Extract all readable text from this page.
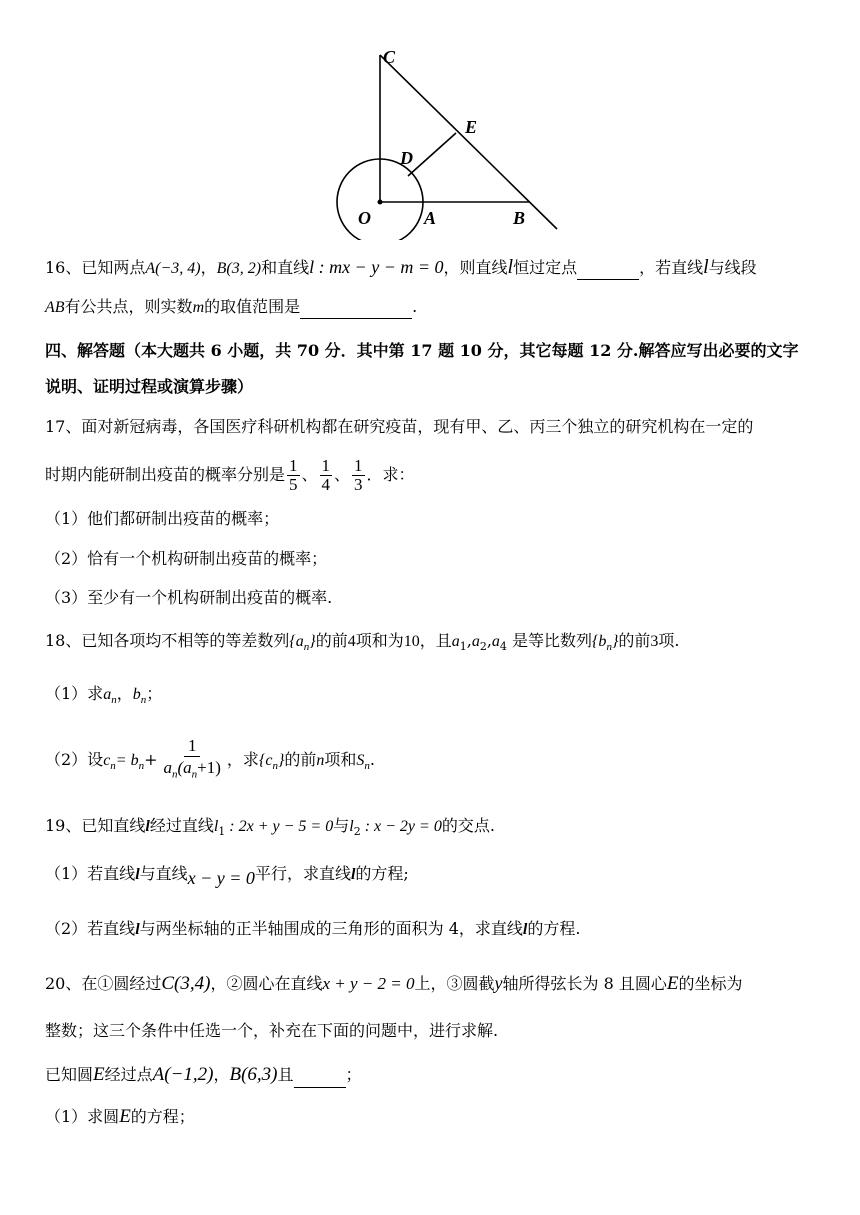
C
E
D
O	A	B
16、已知两点A(−3, 4)，B(3, 2)和直线l : mx − y − m = 0，则直线l恒过定点	，若直线l与线段
AB有公共点，则实数m的取值范围是	.
四、解答题（本大题共 6 小题，共 70 分．其中第 17 题 10 分，其它每题 12 分.解答应写出必要的文字
说明、证明过程或演算步骤）
17、面对新冠病毒，各国医疗科研机构都在研究疫苗，现有甲、乙、丙三个独立的研究机构在一定的
时期内能研制出疫苗的概率分别是 $\frac{1}{5}$ 、 $\frac{1}{4}$ 、 $\frac{1}{3}$ ．求：
（1）他们都研制出疫苗的概率；
（2）恰有一个机构研制出疫苗的概率；
（3）至少有一个机构研制出疫苗的概率.
18、已知各项均不相等的等差数列$\{a_n\}$的前4项和为10，且$a_1,a_2,a_4$ 是等比数列$\{b_n\}$的前3项.
（1）求$a_n$，$b_n$；
（2）设$c_n= b_n+ \frac{1}{a_n(a_n+1)}$ ，求$\{c_n\}$的前n项和$S_n$.
19、已知直线l经过直线$l_1$ : 2x + y − 5 = 0与$l_2$ : x − 2y = 0的交点.
（1）若直线l与直线x − y = 0平行，求直线l的方程;
（2）若直线l与两坐标轴的正半轴围成的三角形的面积为 4，求直线l的方程.
20、在①圆经过C(3,4)，②圆心在直线x + y − 2 = 0上，③圆截y轴所得弦长为 8 且圆心E的坐标为
整数；这三个条件中任选一个，补充在下面的问题中，进行求解.
已知圆E经过点A(−1,2)，B(6,3)且	；
（1）求圆E的方程；
